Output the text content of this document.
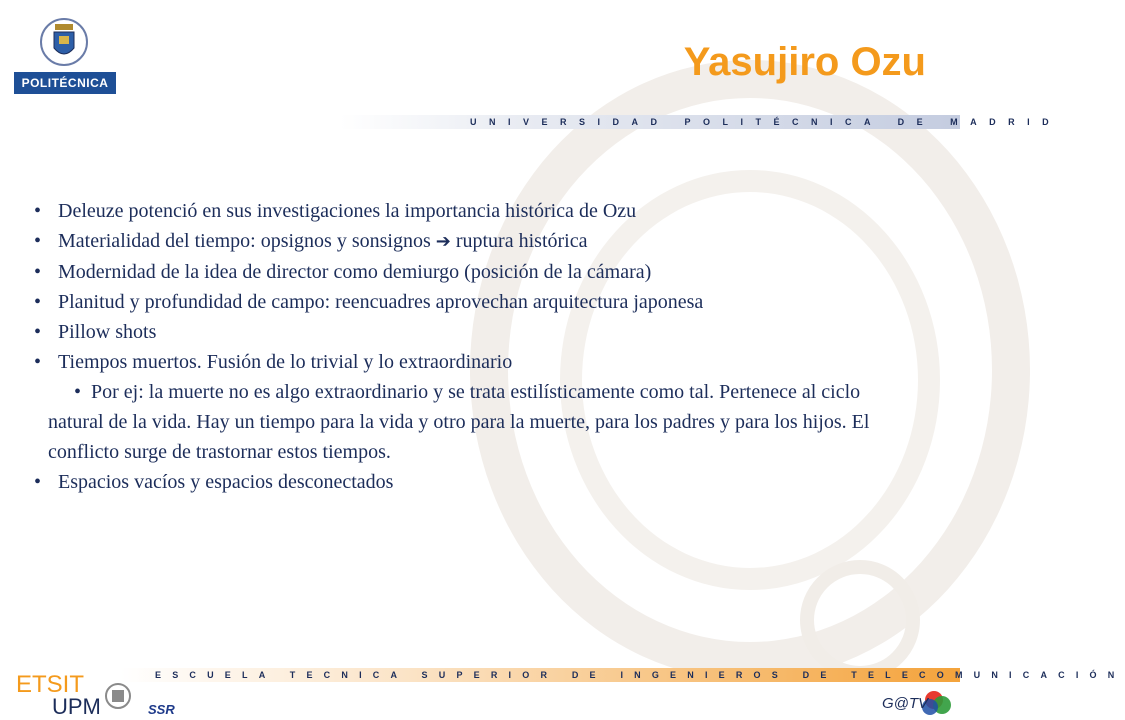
POLITÉCNICA	Yasujiro Ozu
UNIVERSIDAD POLITÉCNICA DE MADRID
• Deleuze potenció en sus investigaciones la importancia histórica de Ozu
• Materialidad del tiempo: opsignos y sonsignos ➔ ruptura histórica
• Modernidad de la idea de director como demiurgo (posición de la cámara)
• Planitud y profundidad de campo: reencuadres aprovechan arquitectura japonesa
• Pillow shots
• Tiempos muertos. Fusión de lo trivial y lo extraordinario
• Por ej: la muerte no es algo extraordinario y se trata estilísticamente como tal. Pertenece al ciclo natural de la vida. Hay un tiempo para la vida y otro para la muerte, para los padres y para los hijos. El conflicto surge de trastornar estos tiempos.
• Espacios vacíos y espacios desconectados
ESCUELA TECNICA SUPERIOR DE INGENIEROS DE TELECOMUNICACIÓN
ETSIT
UPM	SSR	G@TV
